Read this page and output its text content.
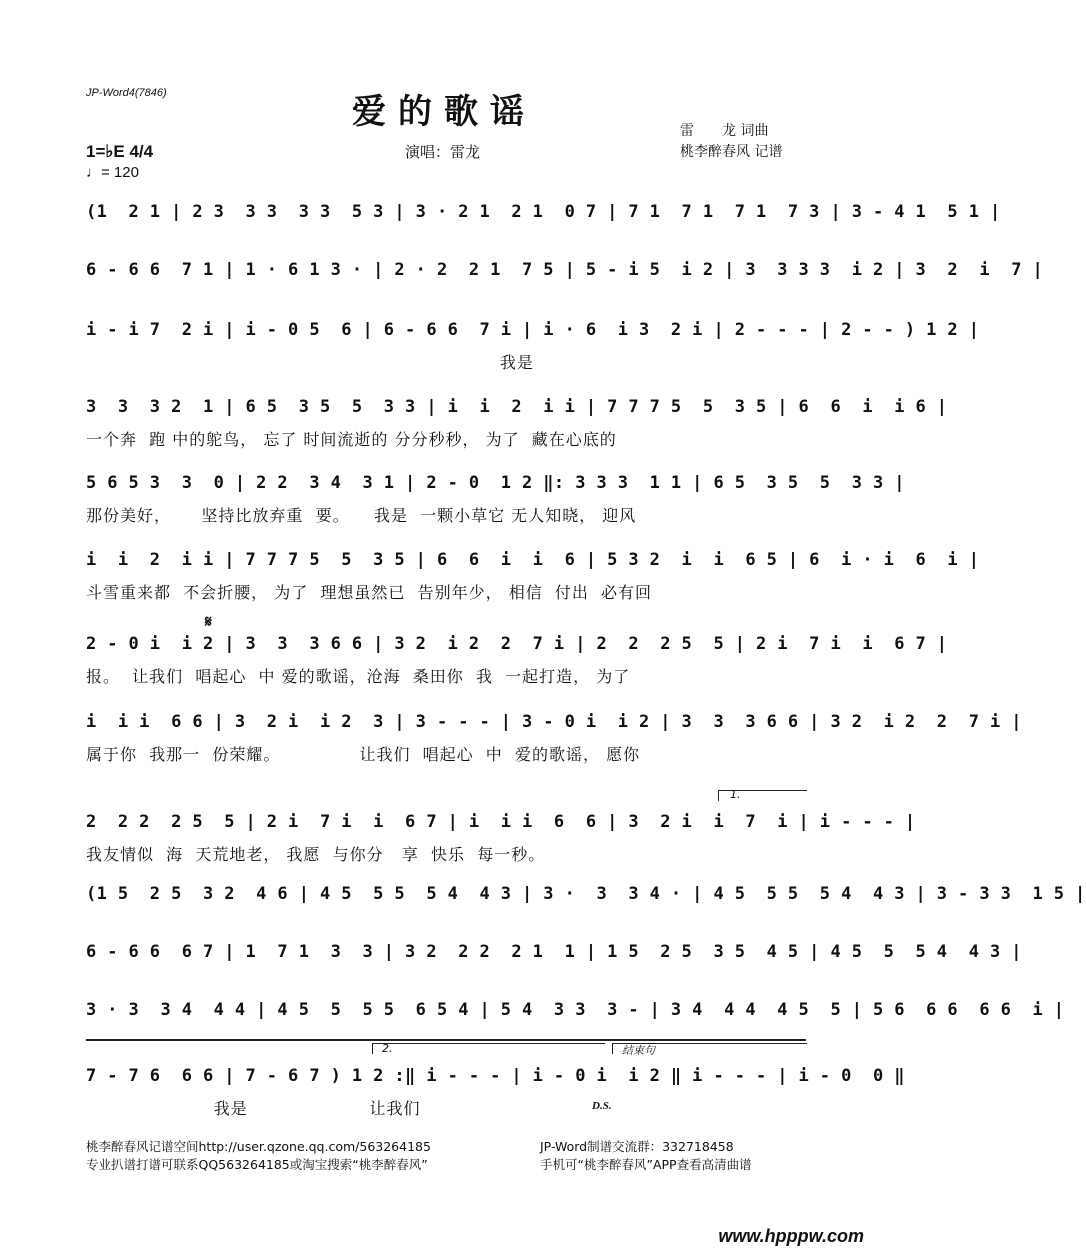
JP-Word4(7846)	爱的歌谣
演唱：雷龙
雷　　龙 词曲
桃李醉春风 记谱
1=♭E 4/4
♩= 120
(1  2 1 | 2 3  3 3  3 3  5 3 | 3 · 2 1  2 1  0 7 | 7 1  7 1  7 1  7 3 | 3 - 4 1  5 1 |
6 - 6 6  7 1 | 1 · 6 1 3 · | 2 · 2  2 1  7 5 | 5 - i 5  i 2 | 3  3 3 3  i 2 | 3  2  i  7 |
i - i 7  2 i | i - 0 5  6 | 6 - 6 6  7 i | i · 6  i 3  2 i | 2 - - - | 2 - - ) 1 2 |
我是
3  3  3 2  1 | 6 5  3 5  5  3 3 | i  i  2  i i | 7 7 7 5  5  3 5 | 6  6  i  i 6 |
一个奔  跑 中的鸵鸟， 忘了 时间流逝的 分分秒秒， 为了  藏在心底的
5 6 5 3  3  0 | 2 2  3 4  3 1 | 2 - 0  1 2 ‖: 3 3 3  1 1 | 6 5  3 5  5  3 3 |
那份美好，     坚持比放弃重  要。    我是  一颗小草它 无人知晓， 迎风
i  i  2  i i | 7 7 7 5  5  3 5 | 6  6  i  i  6 | 5 3 2  i  i  6 5 | 6  i · i  6  i |
斗雪重来都  不会折腰， 为了  理想虽然已  告别年少， 相信  付出  必有回
𝄋
2 - 0 i  i 2 | 3  3  3 6 6 | 3 2  i 2  2  7 i | 2  2  2 5  5 | 2 i  7 i  i  6 7 |
报。  让我们  唱起心  中 爱的歌谣，沧海  桑田你  我  一起打造， 为了
i  i i  6 6 | 3  2 i  i 2  3 | 3 - - - | 3 - 0 i  i 2 | 3  3  3 6 6 | 3 2  i 2  2  7 i |
属于你  我那一  份荣耀。             让我们  唱起心  中  爱的歌谣， 愿你
1.
2  2 2  2 5  5 | 2 i  7 i  i  6 7 | i  i i  6  6 | 3  2 i  i  7  i | i - - - |
我友情似  海  天荒地老， 我愿  与你分   享  快乐  每一秒。
(1 5  2 5  3 2  4 6 | 4 5  5 5  5 4  4 3 | 3 ·  3  3 4 · | 4 5  5 5  5 4  4 3 | 3 - 3 3  1 5 |
6 - 6 6  6 7 | 1  7 1  3  3 | 3 2  2 2  2 1  1 | 1 5  2 5  3 5  4 5 | 4 5  5  5 4  4 3 |
3 · 3  3 4  4 4 | 4 5  5  5 5  6 5 4 | 5 4  3 3  3 - | 3 4  4 4  4 5  5 | 5 6  6 6  6 6  i |
2.	结束句
7 - 7 6  6 6 | 7 - 6 7 ) 1 2 :‖ i - - - | i - 0 i  i 2 ‖ i - - - | i - 0  0 ‖
我是                    让我们	D.S.
桃李醉春风记谱空间http://user.qzone.qq.com/563264185
专业扒谱打谱可联系QQ563264185或淘宝搜索“桃李醉春风”
JP-Word制谱交流群：332718458
手机可“桃李醉春风”APP查看高清曲谱
www.hpppw.com
